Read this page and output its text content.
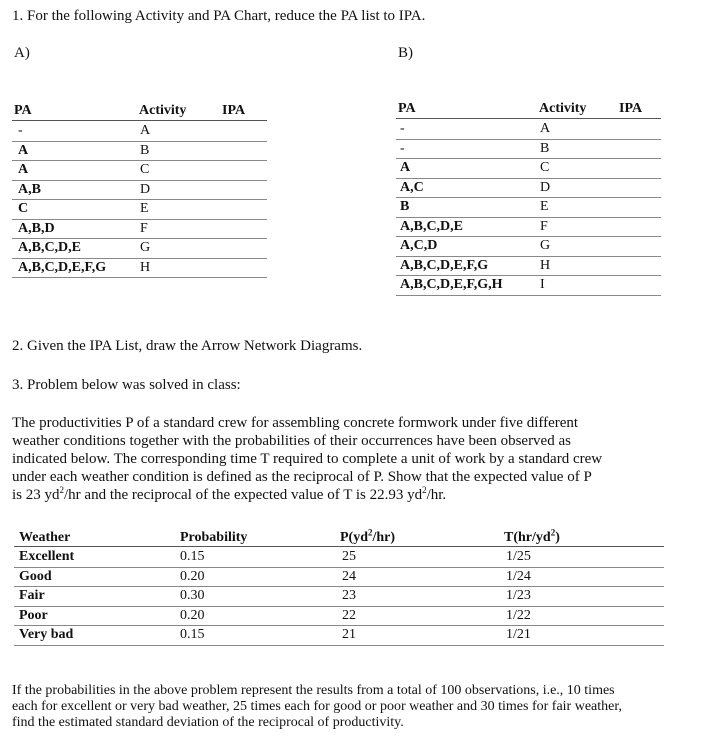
1. For the following Activity and PA Chart, reduce the PA list to IPA.
A)	B)
PA	Activity	IPA
-	A
A	B
A	C
A,B	D
C	E
A,B,D	F
A,B,C,D,E	G
A,B,C,D,E,F,G H
PA	Activity IPA
-	A
-	B
A	C
A,C	D
B	E
A,B,C,D,E	F
A,C,D	G
A,B,C,D,E,F,G	H
A,B,C,D,E,F,G,H	I
2. Given the IPA List, draw the Arrow Network Diagrams.
3. Problem below was solved in class:
The productivities P of a standard crew for assembling concrete formwork under five different
weather conditions together with the probabilities of their occurrences have been observed as
indicated below. The corresponding time T required to complete a unit of work by a standard crew
under each weather condition is defined as the reciprocal of P. Show that the expected value of P
is 23 $yd^2/hr$ and the reciprocal of the expected value of T is 22.93 $yd^2/hr$.
Weather	Probability	$P(yd^2/hr)$	$T(hr/yd^2)$
Excellent	0.15	25	1/25
Good	0.20	24	1/24
Fair	0.30	23	1/23
Poor	0.20	22	1/22
Very bad	0.15	21	1/21
If the probabilities in the above problem represent the results from a total of 100 observations, i.e., 10 times
each for excellent or very bad weather, 25 times each for good or poor weather and 30 times for fair weather,
find the estimated standard deviation of the reciprocal of productivity.
